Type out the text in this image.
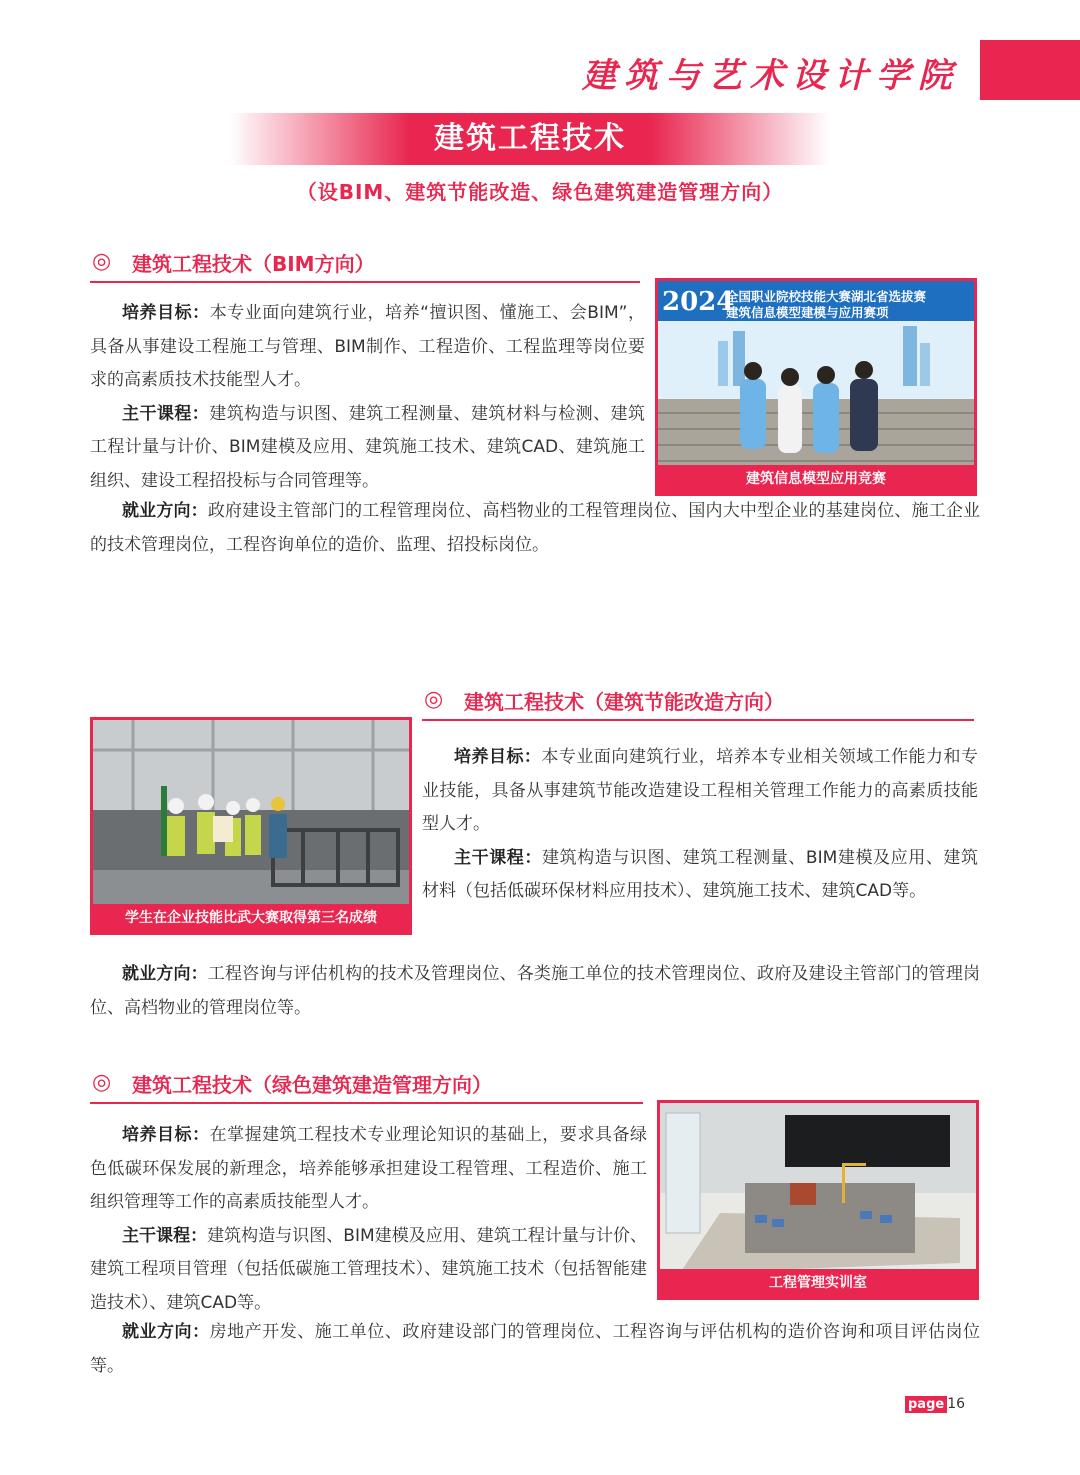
建筑与艺术设计学院
建筑工程技术
（设BIM、建筑节能改造、绿色建筑建造管理方向）
◎ 建筑工程技术（BIM方向）

培养目标：本专业面向建筑行业，培养“擅识图、懂施工、会BIM”，具备从事建设工程施工与管理、BIM制作、工程造价、工程监理等岗位要求的高素质技术技能型人才。

主干课程：建筑构造与识图、建筑工程测量、建筑材料与检测、建筑工程计量与计价、BIM建模及应用、建筑施工技术、建筑CAD、建筑施工组织、建设工程招投标与合同管理等。

就业方向：政府建设主管部门的工程管理岗位、高档物业的工程管理岗位、国内大中型企业的基建岗位、施工企业的技术管理岗位，工程咨询单位的造价、监理、招投标岗位。

2024
全国职业院校技能大赛湖北省选拔赛
建筑信息模型建模与应用赛项
建筑信息模型应用竞赛
◎ 建筑工程技术（建筑节能改造方向）
学生在企业技能比武大赛取得第三名成绩

培养目标：本专业面向建筑行业，培养本专业相关领域工作能力和专业技能，具备从事建筑节能改造建设工程相关管理工作能力的高素质技能型人才。

主干课程：建筑构造与识图、建筑工程测量、BIM建模及应用、建筑材料（包括低碳环保材料应用技术）、建筑施工技术、建筑CAD等。

就业方向：工程咨询与评估机构的技术及管理岗位、各类施工单位的技术管理岗位、政府及建设主管部门的管理岗位、高档物业的管理岗位等。

◎ 建筑工程技术（绿色建筑建造管理方向）

培养目标：在掌握建筑工程技术专业理论知识的基础上，要求具备绿色低碳环保发展的新理念，培养能够承担建设工程管理、工程造价、施工组织管理等工作的高素质技能型人才。

主干课程：建筑构造与识图、BIM建模及应用、建筑工程计量与计价、建筑工程项目管理（包括低碳施工管理技术）、建筑施工技术（包括智能建造技术）、建筑CAD等。

就业方向：房地产开发、施工单位、政府建设部门的管理岗位、工程咨询与评估机构的造价咨询和项目评估岗位等。

工程管理实训室
page 16
